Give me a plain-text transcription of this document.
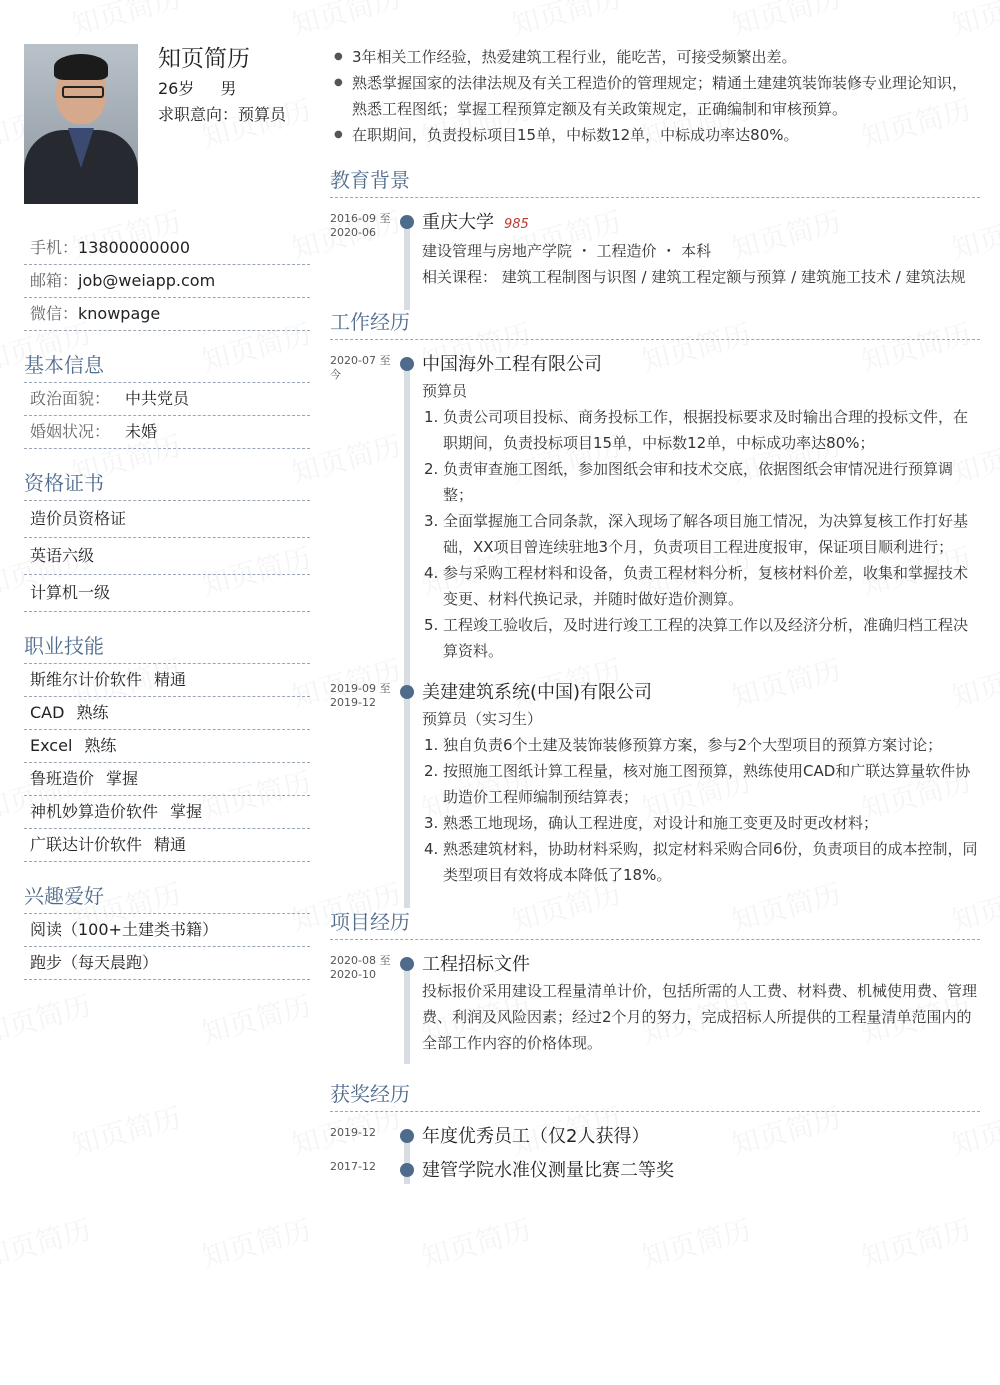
知页简历
26岁 男
求职意向：预算员
手机：13800000000
邮箱：job@weiapp.com
微信：knowpage
基本信息
政治面貌： 中共党员
婚姻状况： 未婚
资格证书
造价员资格证
英语六级
计算机一级
职业技能
斯维尔计价软件 精通
CAD 熟练
Excel 熟练
鲁班造价 掌握
神机妙算造价软件 掌握
广联达计价软件 精通
兴趣爱好
阅读（100+土建类书籍）
跑步（每天晨跑）
● 3年相关工作经验，热爱建筑工程行业，能吃苦，可接受频繁出差。
● 熟悉掌握国家的法律法规及有关工程造价的管理规定；精通土建建筑装饰装修专业理论知识，熟悉工程图纸；掌握工程预算定额及有关政策规定，正确编制和审核预算。
● 在职期间，负责投标项目15单，中标数12单，中标成功率达80%。
教育背景
2016-09 至
2020-06	重庆大学 985
建设管理与房地产学院 ・ 工程造价 ・ 本科
相关课程： 建筑工程制图与识图 / 建筑工程定额与预算 / 建筑施工技术 / 建筑法规
工作经历
2020-07 至
今	中国海外工程有限公司
预算员
1. 负责公司项目投标、商务投标工作，根据投标要求及时输出合理的投标文件，在职期间，负责投标项目15单，中标数12单，中标成功率达80%；
2. 负责审查施工图纸，参加图纸会审和技术交底，依据图纸会审情况进行预算调整；
3. 全面掌握施工合同条款，深入现场了解各项目施工情况，为决算复核工作打好基础，XX项目曾连续驻地3个月，负责项目工程进度报审，保证项目顺利进行；
4. 参与采购工程材料和设备，负责工程材料分析，复核材料价差，收集和掌握技术变更、材料代换记录，并随时做好造价测算。
5. 工程竣工验收后，及时进行竣工工程的决算工作以及经济分析，准确归档工程决算资料。
2019-09 至
2019-12	美建建筑系统(中国)有限公司
预算员（实习生）
1. 独自负责6个土建及装饰装修预算方案，参与2个大型项目的预算方案讨论；
2. 按照施工图纸计算工程量，核对施工图预算，熟练使用CAD和广联达算量软件协助造价工程师编制预结算表；
3. 熟悉工地现场，确认工程进度，对设计和施工变更及时更改材料；
4. 熟悉建筑材料，协助材料采购，拟定材料采购合同6份，负责项目的成本控制，同类型项目有效将成本降低了18%。
项目经历
2020-08 至
2020-10	工程招标文件
投标报价采用建设工程量清单计价，包括所需的人工费、材料费、机械使用费、管理费、利润及风险因素；经过2个月的努力，完成招标人所提供的工程量清单范围内的全部工作内容的价格体现。
获奖经历
2019-12	年度优秀员工（仅2人获得）
2017-12	建管学院水准仪测量比赛二等奖
